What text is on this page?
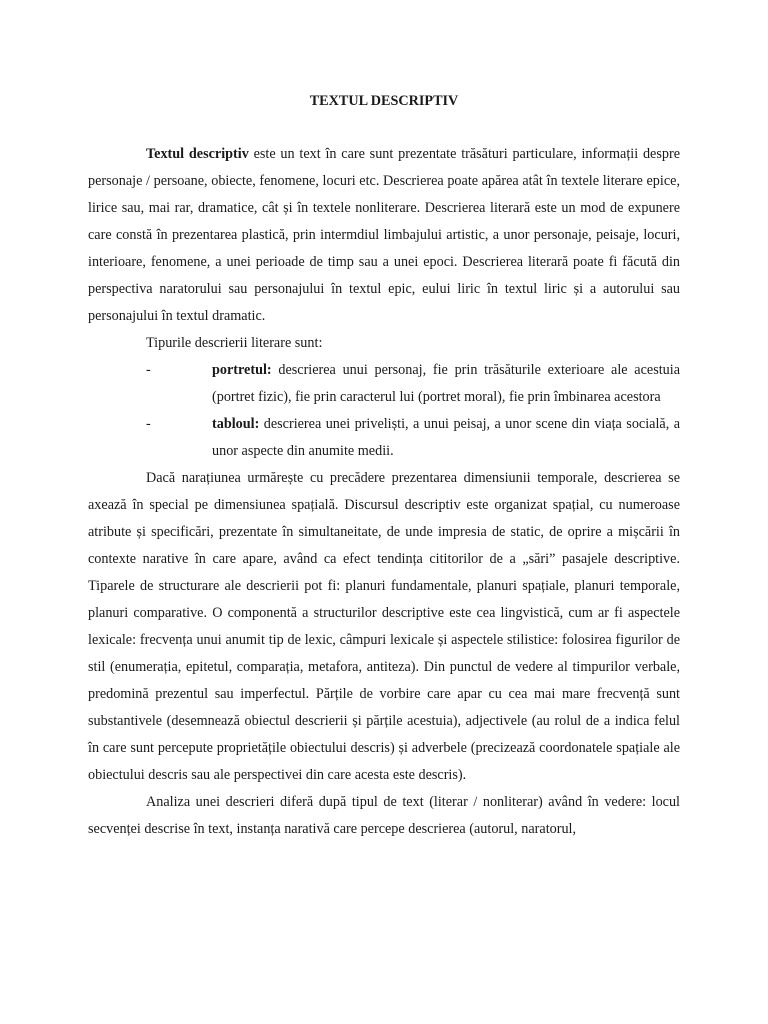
TEXTUL DESCRIPTIV

Textul descriptiv este un text în care sunt prezentate trăsături particulare, informații despre personaje / persoane, obiecte, fenomene, locuri etc. Descrierea poate apărea atât în textele literare epice, lirice sau, mai rar, dramatice, cât și în textele nonliterare. Descrierea literară este un mod de expunere care constă în prezentarea plastică, prin intermdiul limbajului artistic, a unor personaje, peisaje, locuri, interioare, fenomene, a unei perioade de timp sau a unei epoci. Descrierea literară poate fi făcută din perspectiva naratorului sau personajului în textul epic, eului liric în textul liric și a autorului sau personajului în textul dramatic.

Tipurile descrierii literare sunt:

-	portretul: descrierea unui personaj, fie prin trăsăturile exterioare ale acestuia (portret fizic), fie prin caracterul lui (portret moral), fie prin îmbinarea acestora
-	tabloul: descrierea unei priveliști, a unui peisaj, a unor scene din viața socială, a unor aspecte din anumite medii.

Dacă narațiunea urmărește cu precădere prezentarea dimensiunii temporale, descrierea se axează în special pe dimensiunea spațială. Discursul descriptiv este organizat spațial, cu numeroase atribute și specificări, prezentate în simultaneitate, de unde impresia de static, de oprire a mișcării în contexte narative în care apare, având ca efect tendința cititorilor de a „sări” pasajele descriptive. Tiparele de structurare ale descrierii pot fi: planuri fundamentale, planuri spațiale, planuri temporale, planuri comparative. O componentă a structurilor descriptive este cea lingvistică, cum ar fi aspectele lexicale: frecvența unui anumit tip de lexic, câmpuri lexicale și aspectele stilistice: folosirea figurilor de stil (enumerația, epitetul, comparația, metafora, antiteza). Din punctul de vedere al timpurilor verbale, predomină prezentul sau imperfectul. Părțile de vorbire care apar cu cea mai mare frecvență sunt substantivele (desemnează obiectul descrierii și părțile acestuia), adjectivele (au rolul de a indica felul în care sunt percepute proprietățile obiectului descris) și adverbele (precizează coordonatele spațiale ale obiectului descris sau ale perspectivei din care acesta este descris).

Analiza unei descrieri diferă după tipul de text (literar / nonliterar) având în vedere: locul secvenței descrise în text, instanța narativă care percepe descrierea (autorul, naratorul,
